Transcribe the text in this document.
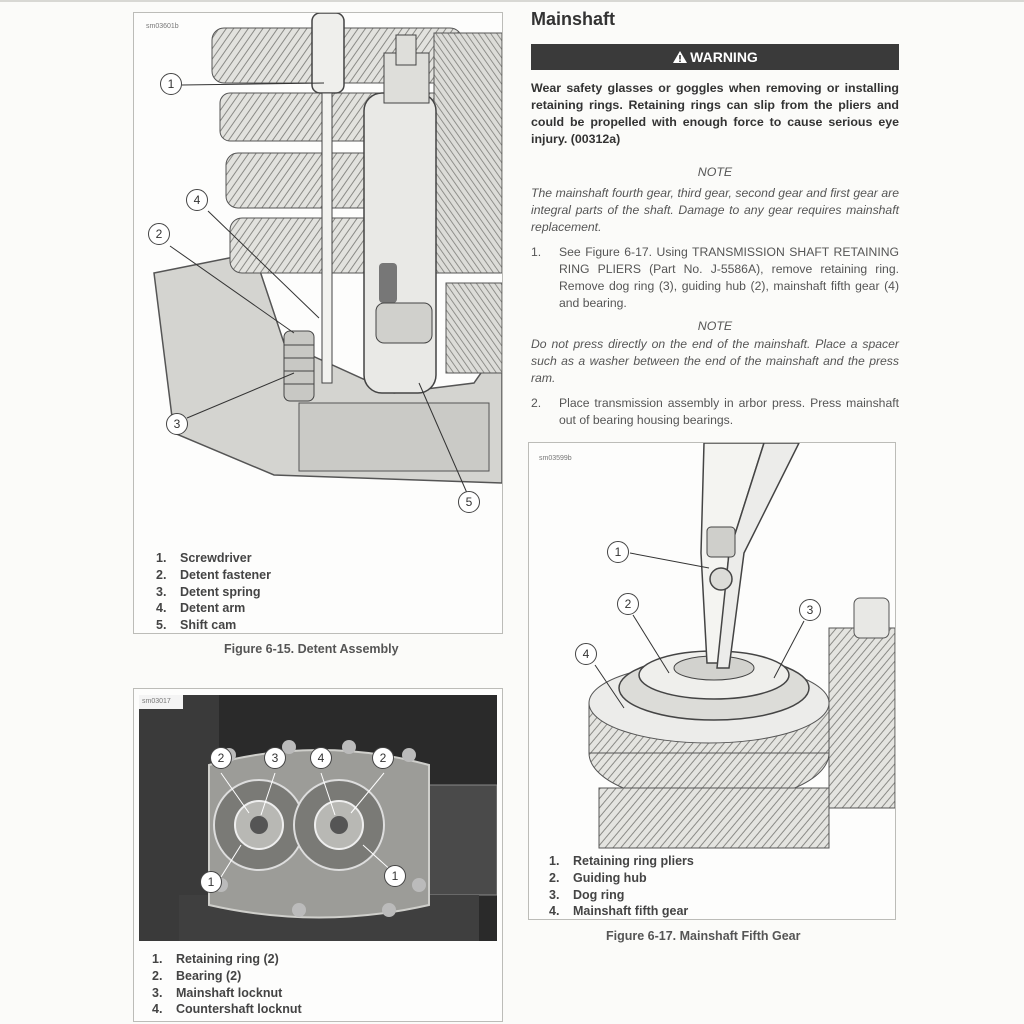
sm03601b
1
4
2
3
5
1.	Screwdriver
2.	Detent fastener
3.	Detent spring
4.	Detent arm
5.	Shift cam
Figure 6-15. Detent Assembly
sm03017
2	3	4	2
1	1
1.	Retaining ring (2)
2.	Bearing (2)
3.	Mainshaft locknut
4.	Countershaft locknut
Mainshaft
WARNING
Wear safety glasses or goggles when removing or installing retaining rings. Retaining rings can slip from the pliers and could be propelled with enough force to cause serious eye injury. (00312a)
NOTE
The mainshaft fourth gear, third gear, second gear and first gear are integral parts of the shaft. Damage to any gear requires mainshaft replacement.
1.	See Figure 6-17. Using TRANSMISSION SHAFT RETAINING RING PLIERS (Part No. J-5586A), remove retaining ring. Remove dog ring (3), guiding hub (2), mainshaft fifth gear (4) and bearing.
NOTE
Do not press directly on the end of the mainshaft. Place a spacer such as a washer between the end of the mainshaft and the press ram.
2.	Place transmission assembly in arbor press. Press mainshaft out of bearing housing bearings.
sm03599b
1
2	3
4
1.	Retaining ring pliers
2.	Guiding hub
3.	Dog ring
4.	Mainshaft fifth gear
Figure 6-17. Mainshaft Fifth Gear
